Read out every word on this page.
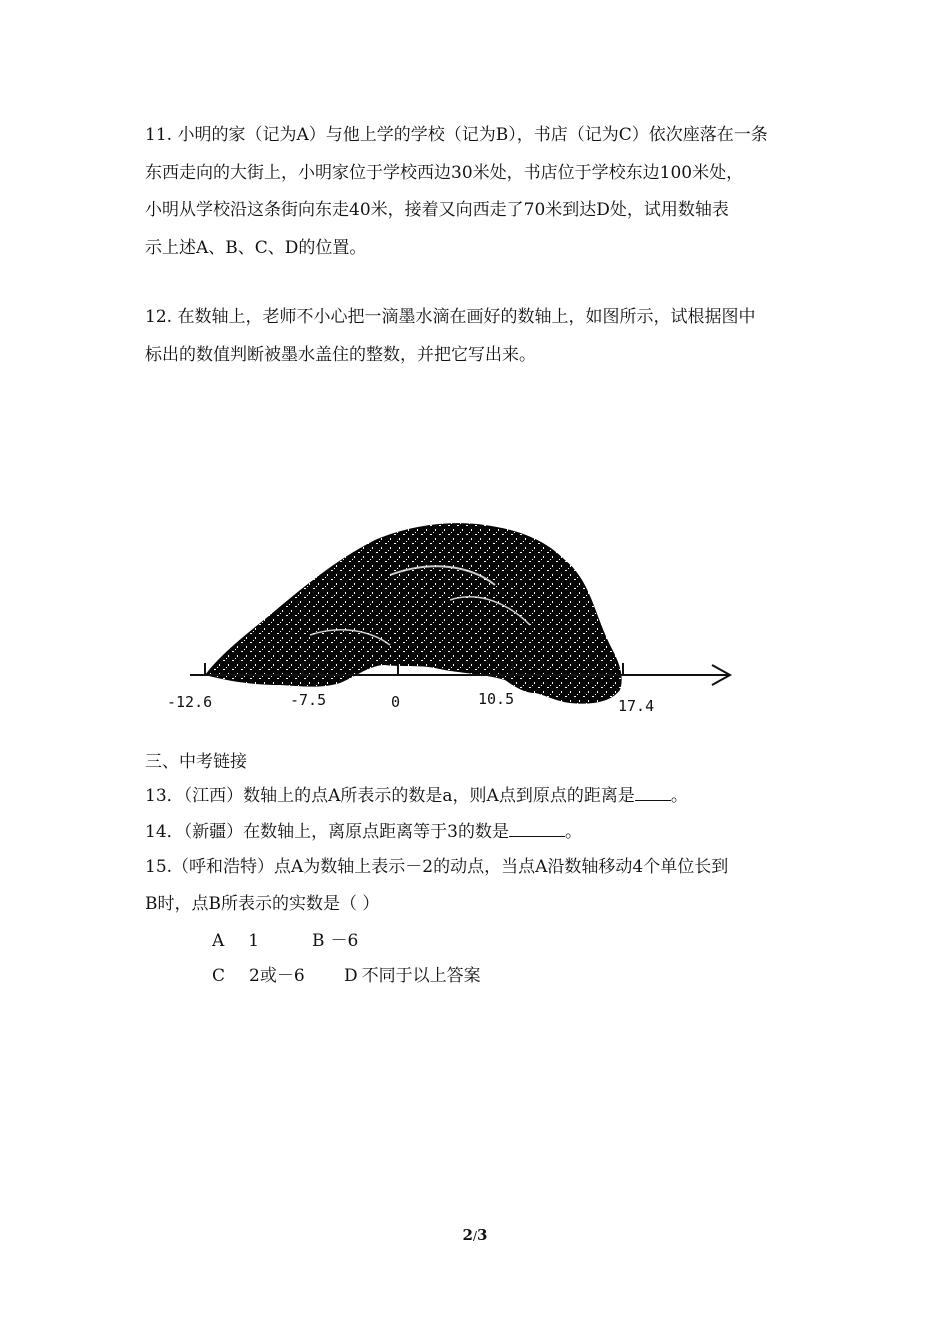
11. 小明的家（记为A）与他上学的学校（记为B），书店（记为C）依次座落在一条
东西走向的大街上，小明家位于学校西边30米处，书店位于学校东边100米处，
小明从学校沿这条街向东走40米，接着又向西走了70米到达D处，试用数轴表
示上述A、B、C、D的位置。
12. 在数轴上，老师不小心把一滴墨水滴在画好的数轴上，如图所示，试根据图中
标出的数值判断被墨水盖住的整数，并把它写出来。
-12.6	-7.5	0	10.5	17.4
三、中考链接
13．（江西）数轴上的点A所表示的数是a，则A点到原点的距离是 。
14．（新疆）在数轴上，离原点距离等于3的数是	。
15.（呼和浩特）点A为数轴上表示－2的动点，当点A沿数轴移动4个单位长到
B时，点B所表示的实数是（ ）
A 1	B －6
C 2或－6 D 不同于以上答案
2/3
